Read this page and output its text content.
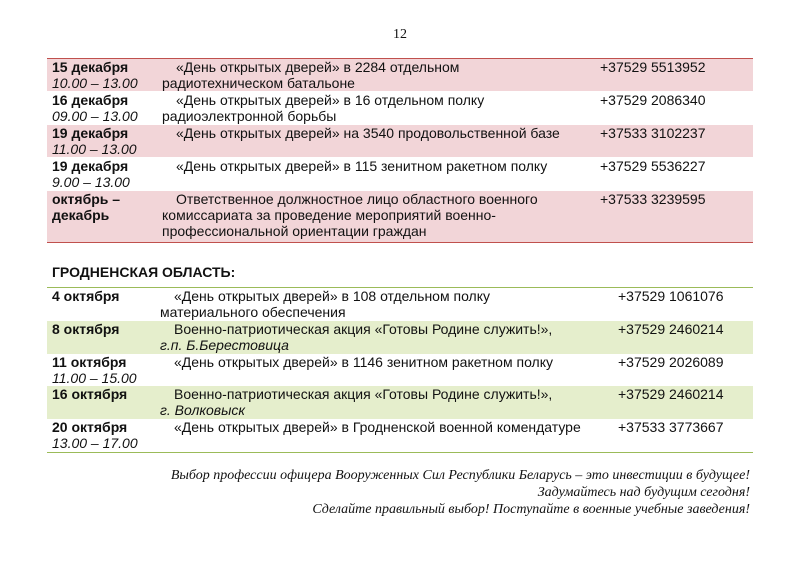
12
15 декабря
10.00 – 13.00	«День открытых дверей» в 2284 отдельном
радиотехническом батальоне	+37529 5513952

16 декабря
09.00 – 13.00	«День открытых дверей» в 16 отдельном полку
радиоэлектронной борьбы	+37529 2086340

19 декабря
11.00 – 13.00	«День открытых дверей» на 3540 продовольственной базе	+37533 3102237

19 декабря
9.00 – 13.00	«День открытых дверей» в 115 зенитном ракетном полку	+37529 5536227

октябрь –
декабрь	Ответственное должностное лицо областного военного
комиссариата за проведение мероприятий военно-
профессиональной ориентации граждан	+37533 3239595
ГРОДНЕНСКАЯ ОБЛАСТЬ:
4 октября	«День открытых дверей» в 108 отдельном полку
материального обеспечения	+37529 1061076

8 октября	Военно-патриотическая акция «Готовы Родине служить!»,
г.п. Б.Берестовица	+37529 2460214

11 октября
11.00 – 15.00	«День открытых дверей» в 1146 зенитном ракетном полку	+37529 2026089

16 октября	Военно-патриотическая акция «Готовы Родине служить!»,
г. Волковыск	+37529 2460214

20 октября
13.00 – 17.00	«День открытых дверей» в Гродненской военной комендатуре	+37533 3773667
Выбор профессии офицера Вооруженных Сил Республики Беларусь – это инвестиции в будущее!
Задумайтесь над будущим сегодня!
Сделайте правильный выбор! Поступайте в военные учебные заведения!
